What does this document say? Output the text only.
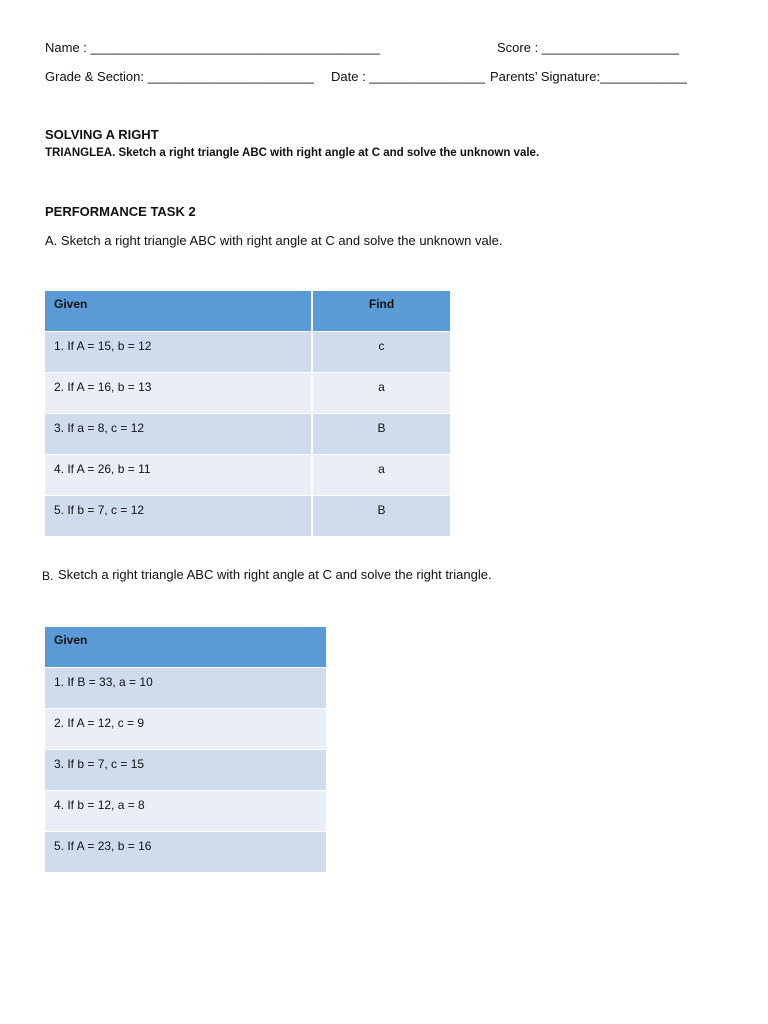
Name : ________________________________________	Score : ___________________
Grade & Section: _______________________ Date : ________________ Parents’ Signature:____________
SOLVING A RIGHT
TRIANGLEA. Sketch a right triangle ABC with right angle at C and solve the unknown vale.
PERFORMANCE TASK 2
A. Sketch a right triangle ABC with right angle at C and solve the unknown vale.
Given	Find
1. If A = 15, b = 12	c
2. If A = 16, b = 13	a
3. If a = 8, c = 12	B
4. If A = 26, b = 11	a
5. If b = 7, c = 12	B
B. Sketch a right triangle ABC with right angle at C and solve the right triangle.
Given
1. If B = 33, a = 10
2. If A = 12, c = 9
3. If b = 7, c = 15
4. If b = 12, a = 8
5. If A = 23, b = 16
